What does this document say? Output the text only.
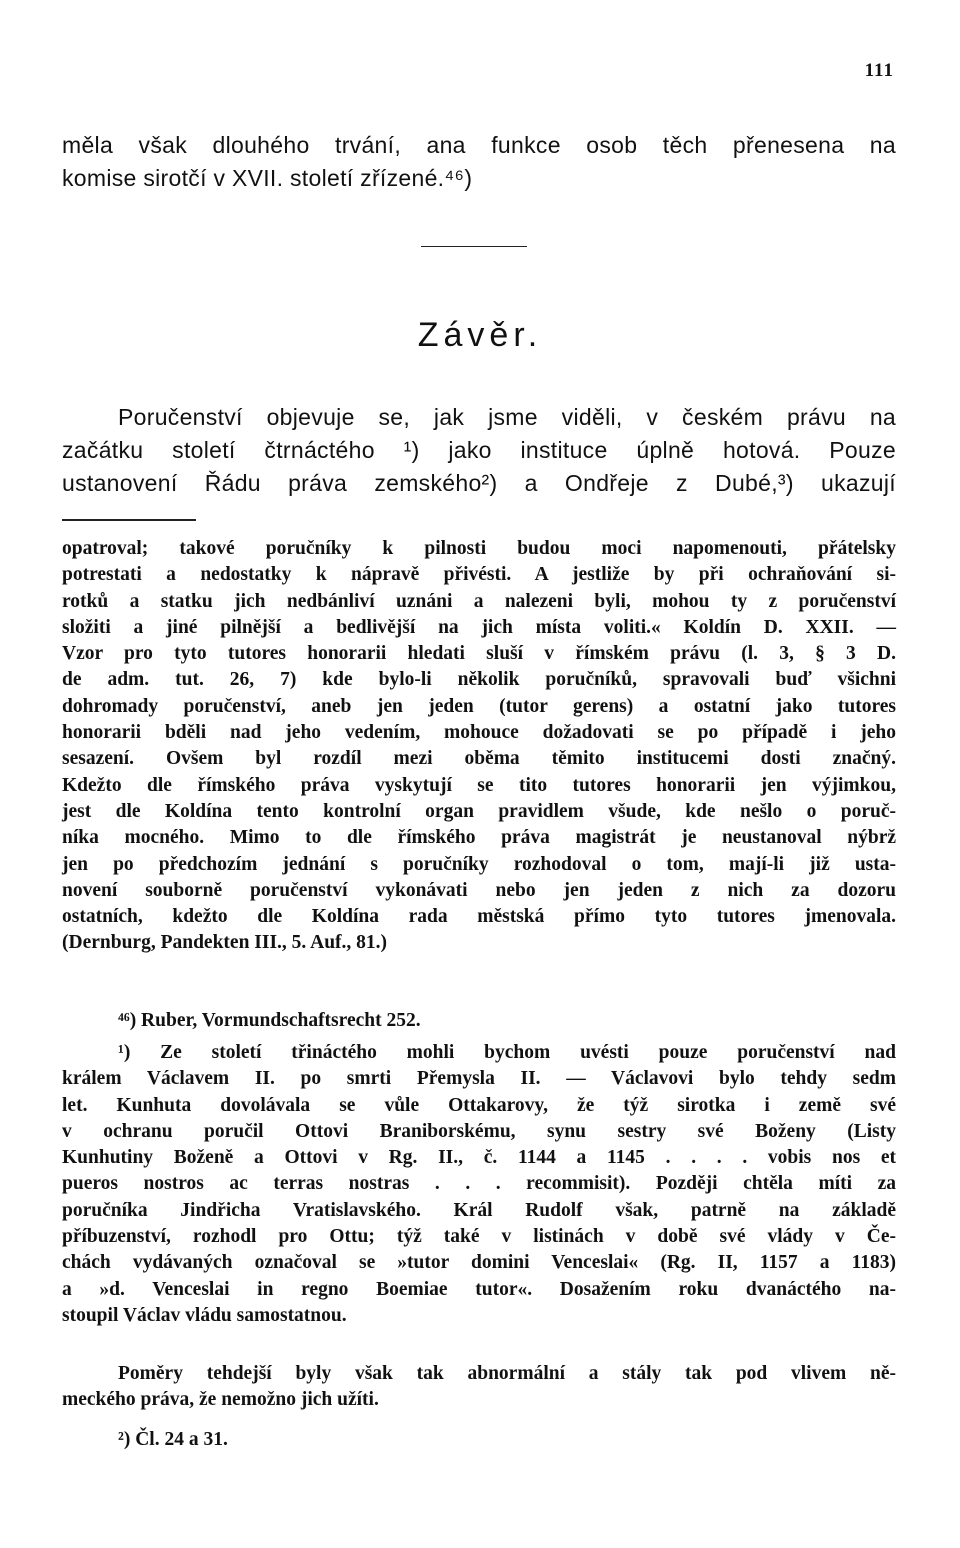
111
měla však dlouhého trvání, ana funkce osob těch přenesena na
komise sirotčí v XVII. století zřízené.⁴⁶)
Závěr.
Poručenství objevuje se, jak jsme viděli, v českém právu na
začátku století čtrnáctého ¹) jako instituce úplně hotová. Pouze
ustanovení Řádu práva zemského²) a Ondřeje z Dubé,³) ukazují
opatroval; takové poručníky k pilnosti budou moci napomenouti, přátelsky
potrestati a nedostatky k nápravě přivésti. A jestliže by při ochraňování si-
rotků a statku jich nedbánliví uznáni a nalezeni byli, mohou ty z poručenství
složiti a jiné pilnější a bedlivější na jich místa voliti.« Koldín D. XXII. —
Vzor pro tyto tutores honorarii hledati sluší v římském právu (l. 3, § 3 D.
de adm. tut. 26, 7) kde bylo-li několik poručníků, spravovali buď všichni
dohromady poručenství, aneb jen jeden (tutor gerens) a ostatní jako tutores
honorarii bděli nad jeho vedením, mohouce dožadovati se po případě i jeho
sesazení. Ovšem byl rozdíl mezi oběma těmito institucemi dosti značný.
Kdežto dle římského práva vyskytují se tito tutores honorarii jen výjimkou,
jest dle Koldína tento kontrolní organ pravidlem všude, kde nešlo o poruč-
níka mocného. Mimo to dle římského práva magistrát je neustanoval nýbrž
jen po předchozím jednání s poručníky rozhodoval o tom, mají-li již usta-
novení souborně poručenství vykonávati nebo jen jeden z nich za dozoru
ostatních, kdežto dle Koldína rada městská přímo tyto tutores jmenovala.
(Dernburg, Pandekten III., 5. Auf., 81.)
⁴⁶) Ruber, Vormundschaftsrecht 252.
¹) Ze století třináctého mohli bychom uvésti pouze poručenství nad
králem Václavem II. po smrti Přemysla II. — Václavovi bylo tehdy sedm
let. Kunhuta dovolávala se vůle Ottakarovy, že týž sirotka i země své
v ochranu poručil Ottovi Braniborskému, synu sestry své Boženy (Listy
Kunhutiny Boženě a Ottovi v Rg. II., č. 1144 a 1145 . . . . vobis nos et
pueros nostros ac terras nostras . . . recommisit). Později chtěla míti za
poručníka Jindřicha Vratislavského. Král Rudolf však, patrně na základě
příbuzenství, rozhodl pro Ottu; týž také v listinách v době své vlády v Če-
chách vydávaných označoval se »tutor domini Venceslai« (Rg. II, 1157 a 1183)
a »d. Venceslai in regno Boemiae tutor«. Dosažením roku dvanáctého na-
stoupil Václav vládu samostatnou.
Poměry tehdejší byly však tak abnormální a stály tak pod vlivem ně-
meckého práva, že nemožno jich užíti.
²) Čl. 24 a 31.
